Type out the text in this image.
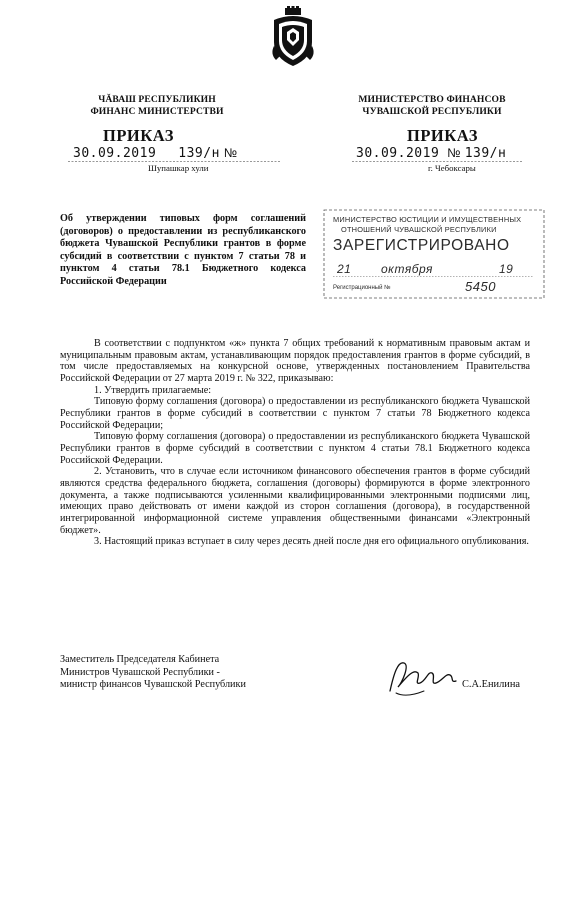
ЧĂВАШ РЕСПУБЛИКИН
ФИНАНС МИНИСТЕРСТВИ
ПРИКАЗ
30.09.2019 139/н №
Шупашкар хули
МИНИСТЕРСТВО ФИНАНСОВ
ЧУВАШСКОЙ РЕСПУБЛИКИ
ПРИКАЗ
30.09.2019 № 139/н
г. Чебоксары
Об утверждении типовых форм соглашений (договоров) о предоставлении из республиканского бюджета Чувашской Республики грантов в форме субсидий в соответствии с пунктом 7 статьи 78 и пунктом 4 статьи 78.1 Бюджетного кодекса Российской Федерации
МИНИСТЕРСТВО ЮСТИЦИИ И ИМУЩЕСТВЕННЫХ
ОТНОШЕНИЙ ЧУВАШСКОЙ РЕСПУБЛИКИ
ЗАРЕГИСТРИРОВАНО
21 октября	19
Регистрационный №	5450

В соответствии с подпунктом «ж» пункта 7 общих требований к нормативным правовым актам и муниципальным правовым актам, устанавливающим порядок предоставления грантов в форме субсидий, в том числе предоставляемых на конкурсной основе, утвержденных постановлением Правительства Российской Федерации от 27 марта 2019 г. № 322, приказываю:

1. Утвердить прилагаемые:

Типовую форму соглашения (договора) о предоставлении из республиканского бюджета Чувашской Республики грантов в форме субсидий в соответствии с пунктом 7 статьи 78 Бюджетного кодекса Российской Федерации;

Типовую форму соглашения (договора) о предоставлении из республиканского бюджета Чувашской Республики грантов в форме субсидий в соответствии с пунктом 4 статьи 78.1 Бюджетного кодекса Российской Федерации.

2. Установить, что в случае если источником финансового обеспечения грантов в форме субсидий являются средства федерального бюджета, соглашения (договоры) формируются в форме электронного документа, а также подписываются усиленными квалифицированными электронными подписями лиц, имеющих право действовать от имени каждой из сторон соглашения (договора), в государственной интегрированной информационной системе управления общественными финансами «Электронный бюджет».

3. Настоящий приказ вступает в силу через десять дней после дня его официального опубликования.

Заместитель Председателя Кабинета
Министров Чувашской Республики -
министр финансов Чувашской Республики	С.А.Енилина
